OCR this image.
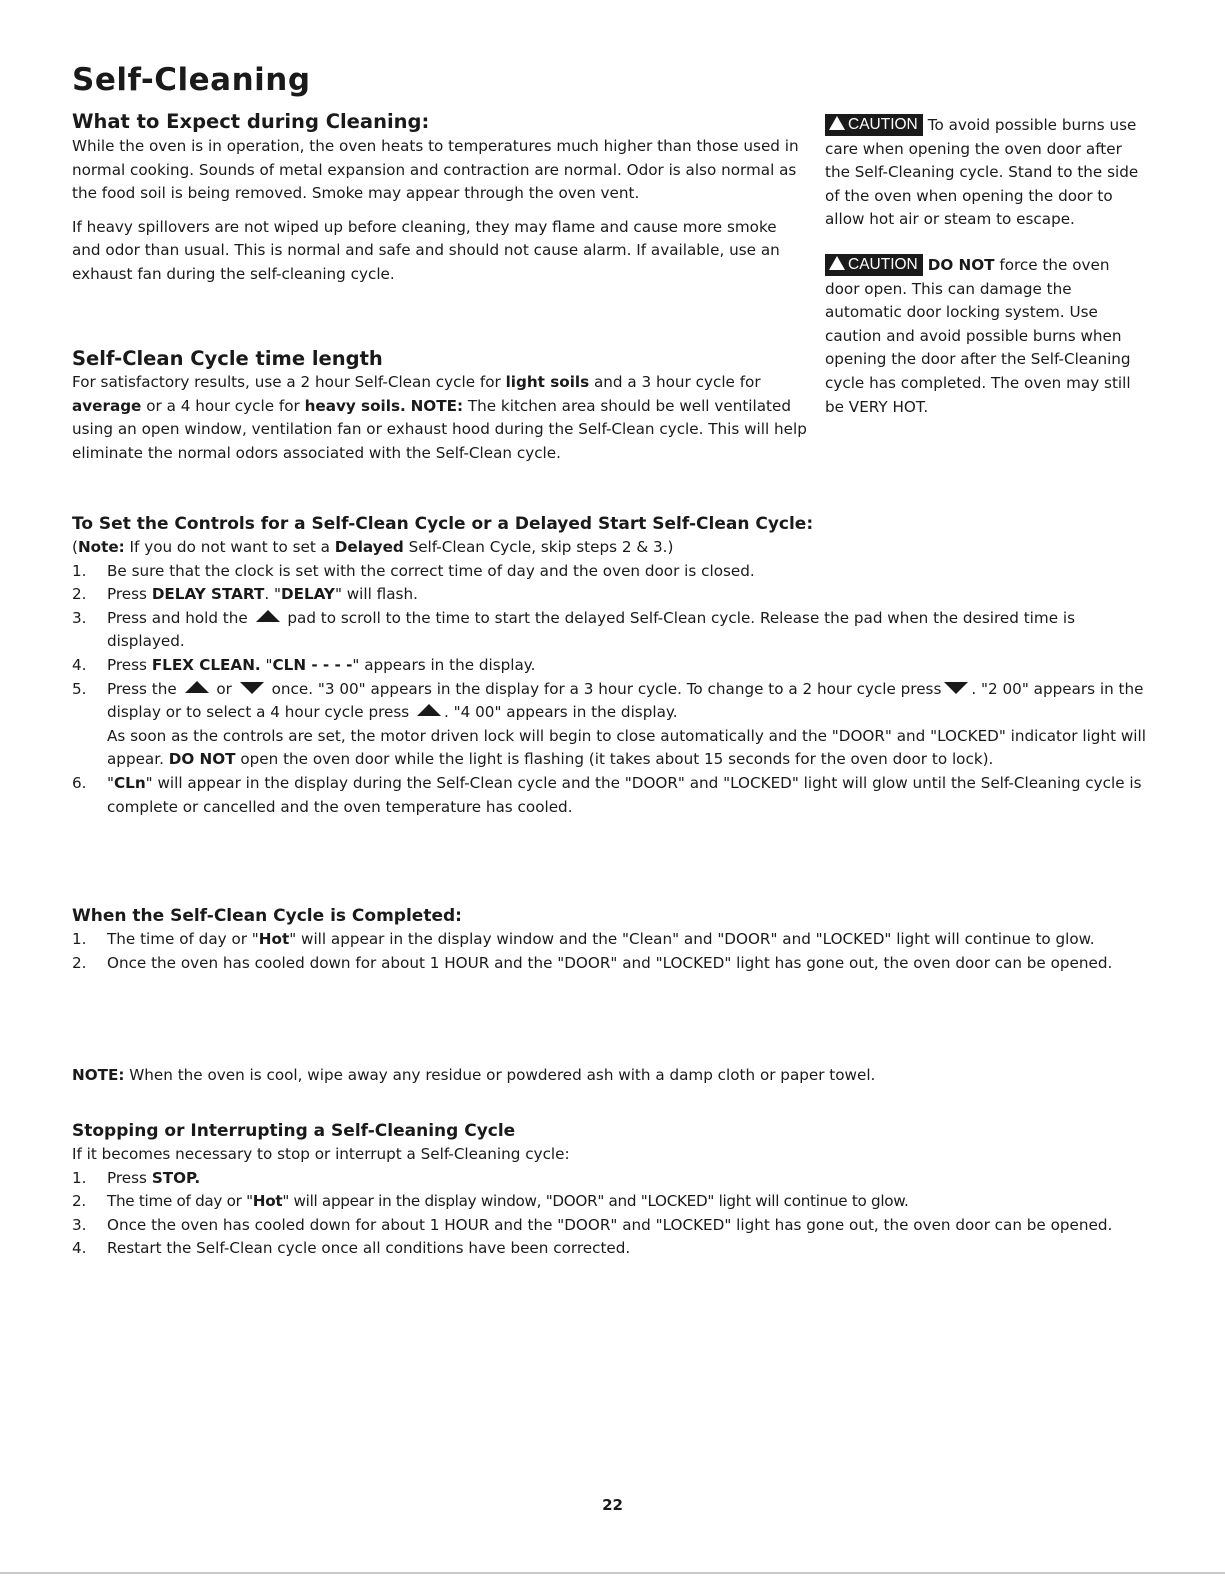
Self-Cleaning
What to Expect during Cleaning:

While the oven is in operation, the oven heats to temperatures much higher than those used in normal cooking. Sounds of metal expansion and contraction are normal. Odor is also normal as the food soil is being removed. Smoke may appear through the oven vent.

If heavy spillovers are not wiped up before cleaning, they may flame and cause more smoke and odor than usual. This is normal and safe and should not cause alarm. If available, use an exhaust fan during the self-cleaning cycle.

Self-Clean Cycle time length

For satisfactory results, use a 2 hour Self-Clean cycle for light soils and a 3 hour cycle for average or a 4 hour cycle for heavy soils. NOTE: The kitchen area should be well ventilated using an open window, ventilation fan or exhaust hood during the Self-Clean cycle. This will help eliminate the normal odors associated with the Self-Clean cycle.

CAUTION To avoid possible burns use care when opening the oven door after the Self-Cleaning cycle. Stand to the side of the oven when opening the door to allow hot air or steam to escape.

CAUTION DO NOT force the oven door open. This can damage the automatic door locking system. Use caution and avoid possible burns when opening the door after the Self-Cleaning cycle has completed. The oven may still be VERY HOT.

To Set the Controls for a Self-Clean Cycle or a Delayed Start Self-Clean Cycle:

(Note: If you do not want to set a Delayed Self-Clean Cycle, skip steps 2 & 3.)

1. Be sure that the clock is set with the correct time of day and the oven door is closed.
2. Press DELAY START. "DELAY" will flash.
3. Press and hold the  pad to scroll to the time to start the delayed Self-Clean cycle. Release the pad when the desired time is displayed.
4. Press FLEX CLEAN. "CLN - - - -" appears in the display.
5. Press the  or  once. "3 00" appears in the display for a 3 hour cycle. To change to a 2 hour cycle press . "2 00" appears in the display or to select a 4 hour cycle press . "4 00" appears in the display.
As soon as the controls are set, the motor driven lock will begin to close automatically and the "DOOR" and "LOCKED" indicator light will appear. DO NOT open the oven door while the light is flashing (it takes about 15 seconds for the oven door to lock).
6. "CLn" will appear in the display during the Self-Clean cycle and the "DOOR" and "LOCKED" light will glow until the Self-Cleaning cycle is complete or cancelled and the oven temperature has cooled.
When the Self-Clean Cycle is Completed:
1. The time of day or "Hot" will appear in the display window and the "Clean" and "DOOR" and "LOCKED" light will continue to glow.
2. Once the oven has cooled down for about 1 HOUR and the "DOOR" and "LOCKED" light has gone out, the oven door can be opened.

NOTE: When the oven is cool, wipe away any residue or powdered ash with a damp cloth or paper towel.

Stopping or Interrupting a Self-Cleaning Cycle

If it becomes necessary to stop or interrupt a Self-Cleaning cycle:

1. Press STOP.
2. The time of day or "Hot" will appear in the display window, "DOOR" and "LOCKED" light will continue to glow.
3. Once the oven has cooled down for about 1 HOUR and the "DOOR" and "LOCKED" light has gone out, the oven door can be opened.
4. Restart the Self-Clean cycle once all conditions have been corrected.
22
